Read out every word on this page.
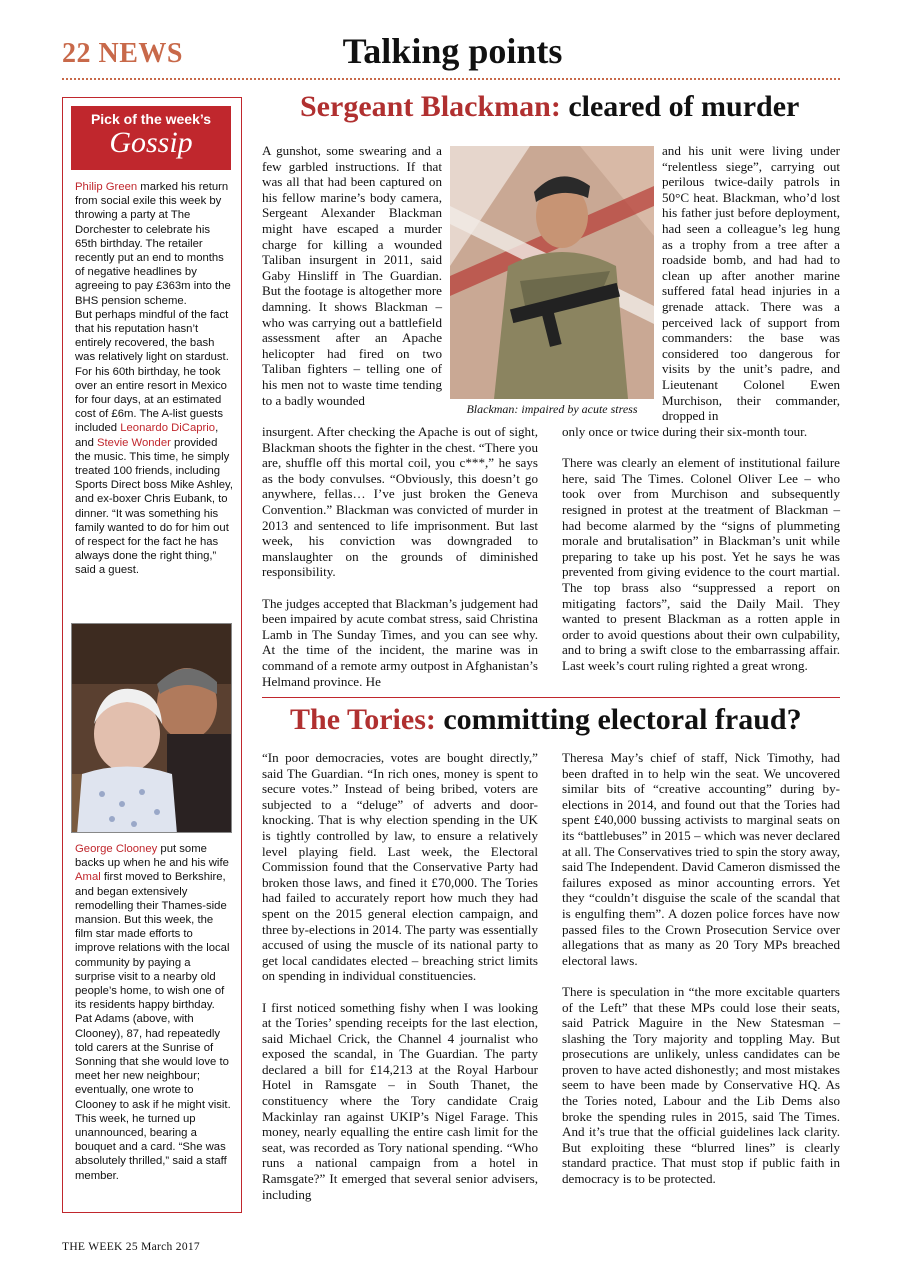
22 NEWS	Talking points
Pick of the week’s
Gossip

Philip Green marked his return from social exile this week by throwing a party at The Dorchester to celebrate his 65th birthday. The retailer recently put an end to months of negative headlines by agreeing to pay £363m into the BHS pension scheme.

But perhaps mindful of the fact that his reputation hasn’t entirely recovered, the bash was relatively light on stardust. For his 60th birthday, he took over an entire resort in Mexico for four days, at an estimated cost of £6m. The A-list guests included Leonardo DiCaprio, and Stevie Wonder provided the music. This time, he simply treated 100 friends, including Sports Direct boss Mike Ashley, and ex-boxer Chris Eubank, to dinner. “It was something his family wanted to do for him out of respect for the fact he has always done the right thing,” said a guest.

George Clooney put some backs up when he and his wife Amal first moved to Berkshire, and began extensively remodelling their Thames-side mansion. But this week, the film star made efforts to improve relations with the local community by paying a surprise visit to a nearby old people’s home, to wish one of its residents happy birthday. Pat Adams (above, with Clooney), 87, had repeatedly told carers at the Sunrise of Sonning that she would love to meet her new neighbour; eventually, one wrote to Clooney to ask if he might visit. This week, he turned up unannounced, bearing a bouquet and a card. “She was absolutely thrilled,” said a staff member.

Sergeant Blackman: cleared of murder

A gunshot, some swearing and a few garbled instructions. If that was all that had been captured on his fellow marine’s body camera, Sergeant Alexander Blackman might have escaped a murder charge for killing a wounded Taliban insurgent in 2011, said Gaby Hinsliff in The Guardian. But the footage is altogether more damning. It shows Blackman – who was carrying out a battlefield assessment after an Apache helicopter had fired on two Taliban fighters – telling one of his men not to waste time tending to a badly wounded

Blackman: impaired by acute stress

and his unit were living under “relentless siege”, carrying out perilous twice-daily patrols in 50°C heat. Blackman, who’d lost his father just before deployment, had seen a colleague’s leg hung as a trophy from a tree after a roadside bomb, and had had to clean up after another marine suffered fatal head injuries in a grenade attack. There was a perceived lack of support from commanders: the base was considered too dangerous for visits by the unit’s padre, and Lieutenant Colonel Ewen Murchison, their commander, dropped in

insurgent. After checking the Apache is out of sight, Blackman shoots the fighter in the chest. “There you are, shuffle off this mortal coil, you c***,” he says as the body convulses. “Obviously, this doesn’t go anywhere, fellas… I’ve just broken the Geneva Convention.” Blackman was convicted of murder in 2013 and sentenced to life imprisonment. But last week, his conviction was downgraded to manslaughter on the grounds of diminished responsibility.

The judges accepted that Blackman’s judgement had been impaired by acute combat stress, said Christina Lamb in The Sunday Times, and you can see why. At the time of the incident, the marine was in command of a remote army outpost in Afghanistan’s Helmand province. He

only once or twice during their six-month tour.

There was clearly an element of institutional failure here, said The Times. Colonel Oliver Lee – who took over from Murchison and subsequently resigned in protest at the treatment of Blackman – had become alarmed by the “signs of plummeting morale and brutalisation” in Blackman’s unit while preparing to take up his post. Yet he says he was prevented from giving evidence to the court martial. The top brass also “suppressed a report on mitigating factors”, said the Daily Mail. They wanted to present Blackman as a rotten apple in order to avoid questions about their own culpability, and to bring a swift close to the embarrassing affair. Last week’s court ruling righted a great wrong.

The Tories: committing electoral fraud?

“In poor democracies, votes are bought directly,” said The Guardian. “In rich ones, money is spent to secure votes.” Instead of being bribed, voters are subjected to a “deluge” of adverts and door-knocking. That is why election spending in the UK is tightly controlled by law, to ensure a relatively level playing field. Last week, the Electoral Commission found that the Conservative Party had broken those laws, and fined it £70,000. The Tories had failed to accurately report how much they had spent on the 2015 general election campaign, and three by-elections in 2014. The party was essentially accused of using the muscle of its national party to get local candidates elected – breaching strict limits on spending in individual constituencies.

I first noticed something fishy when I was looking at the Tories’ spending receipts for the last election, said Michael Crick, the Channel 4 journalist who exposed the scandal, in The Guardian. The party declared a bill for £14,213 at the Royal Harbour Hotel in Ramsgate – in South Thanet, the constituency where the Tory candidate Craig Mackinlay ran against UKIP’s Nigel Farage. This money, nearly equalling the entire cash limit for the seat, was recorded as Tory national spending. “Who runs a national campaign from a hotel in Ramsgate?” It emerged that several senior advisers, including

Theresa May’s chief of staff, Nick Timothy, had been drafted in to help win the seat. We uncovered similar bits of “creative accounting” during by-elections in 2014, and found out that the Tories had spent £40,000 bussing activists to marginal seats on its “battlebuses” in 2015 – which was never declared at all. The Conservatives tried to spin the story away, said The Independent. David Cameron dismissed the failures exposed as minor accounting errors. Yet they “couldn’t disguise the scale of the scandal that is engulfing them”. A dozen police forces have now passed files to the Crown Prosecution Service over allegations that as many as 20 Tory MPs breached electoral laws.

There is speculation in “the more excitable quarters of the Left” that these MPs could lose their seats, said Patrick Maguire in the New Statesman – slashing the Tory majority and toppling May. But prosecutions are unlikely, unless candidates can be proven to have acted dishonestly; and most mistakes seem to have been made by Conservative HQ. As the Tories noted, Labour and the Lib Dems also broke the spending rules in 2015, said The Times. And it’s true that the official guidelines lack clarity. But exploiting these “blurred lines” is clearly standard practice. That must stop if public faith in democracy is to be protected.

THE WEEK 25 March 2017
